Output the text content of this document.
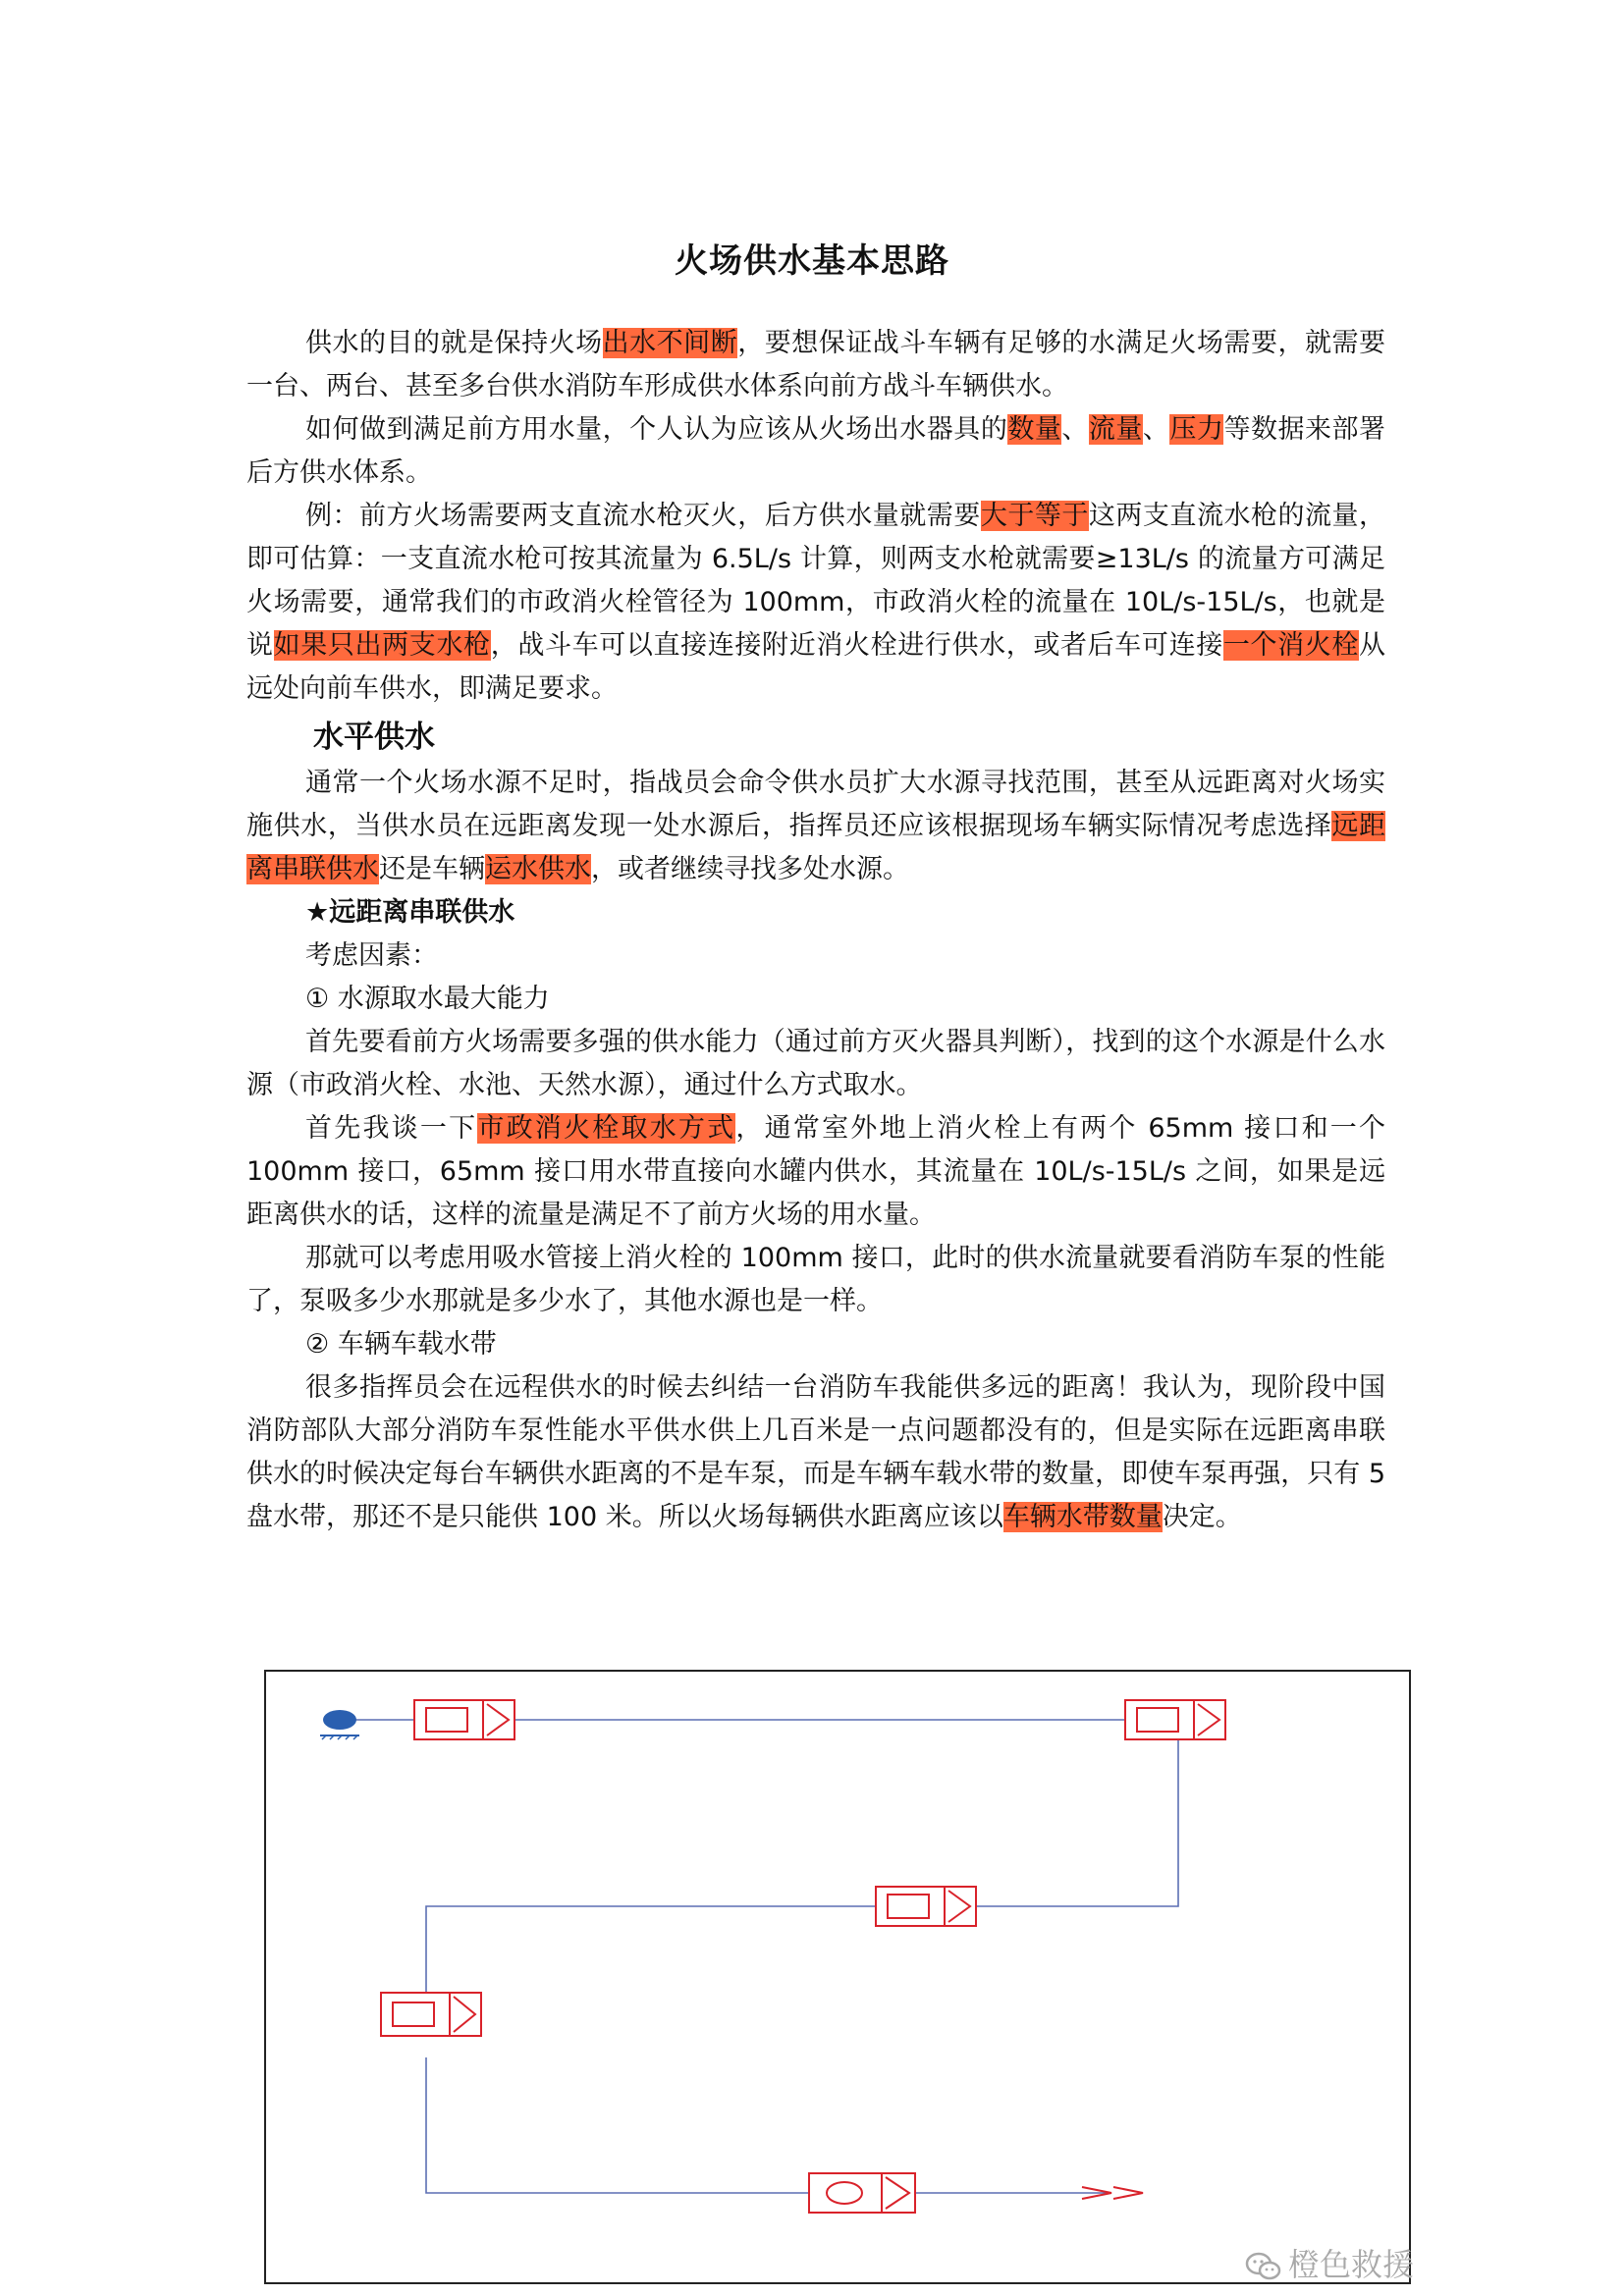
火场供水基本思路

供水的目的就是保持火场出水不间断，要想保证战斗车辆有足够的水满足火场需要，就需要一台、两台、甚至多台供水消防车形成供水体系向前方战斗车辆供水。

如何做到满足前方用水量，个人认为应该从火场出水器具的数量、流量、压力等数据来部署后方供水体系。

例：前方火场需要两支直流水枪灭火，后方供水量就需要大于等于这两支直流水枪的流量，即可估算：一支直流水枪可按其流量为 6.5L/s 计算，则两支水枪就需要≥13L/s 的流量方可满足火场需要，通常我们的市政消火栓管径为 100mm，市政消火栓的流量在 10L/s-15L/s，也就是说如果只出两支水枪，战斗车可以直接连接附近消火栓进行供水，或者后车可连接一个消火栓从远处向前车供水，即满足要求。

水平供水

通常一个火场水源不足时，指战员会命令供水员扩大水源寻找范围，甚至从远距离对火场实施供水，当供水员在远距离发现一处水源后，指挥员还应该根据现场车辆实际情况考虑选择远距离串联供水还是车辆运水供水，或者继续寻找多处水源。

★远距离串联供水
考虑因素：
① 水源取水最大能力

首先要看前方火场需要多强的供水能力（通过前方灭火器具判断），找到的这个水源是什么水源（市政消火栓、水池、天然水源），通过什么方式取水。

首先我谈一下市政消火栓取水方式，通常室外地上消火栓上有两个 65mm 接口和一个 100mm 接口，65mm 接口用水带直接向水罐内供水，其流量在 10L/s-15L/s 之间，如果是远距离供水的话，这样的流量是满足不了前方火场的用水量。

那就可以考虑用吸水管接上消火栓的 100mm 接口，此时的供水流量就要看消防车泵的性能了，泵吸多少水那就是多少水了，其他水源也是一样。

② 车辆车载水带

很多指挥员会在远程供水的时候去纠结一台消防车我能供多远的距离！我认为，现阶段中国消防部队大部分消防车泵性能水平供水供上几百米是一点问题都没有的，但是实际在远距离串联供水的时候决定每台车辆供水距离的不是车泵，而是车辆车载水带的数量，即使车泵再强，只有 5 盘水带，那还不是只能供 100 米。所以火场每辆供水距离应该以车辆水带数量决定。

橙色救援
